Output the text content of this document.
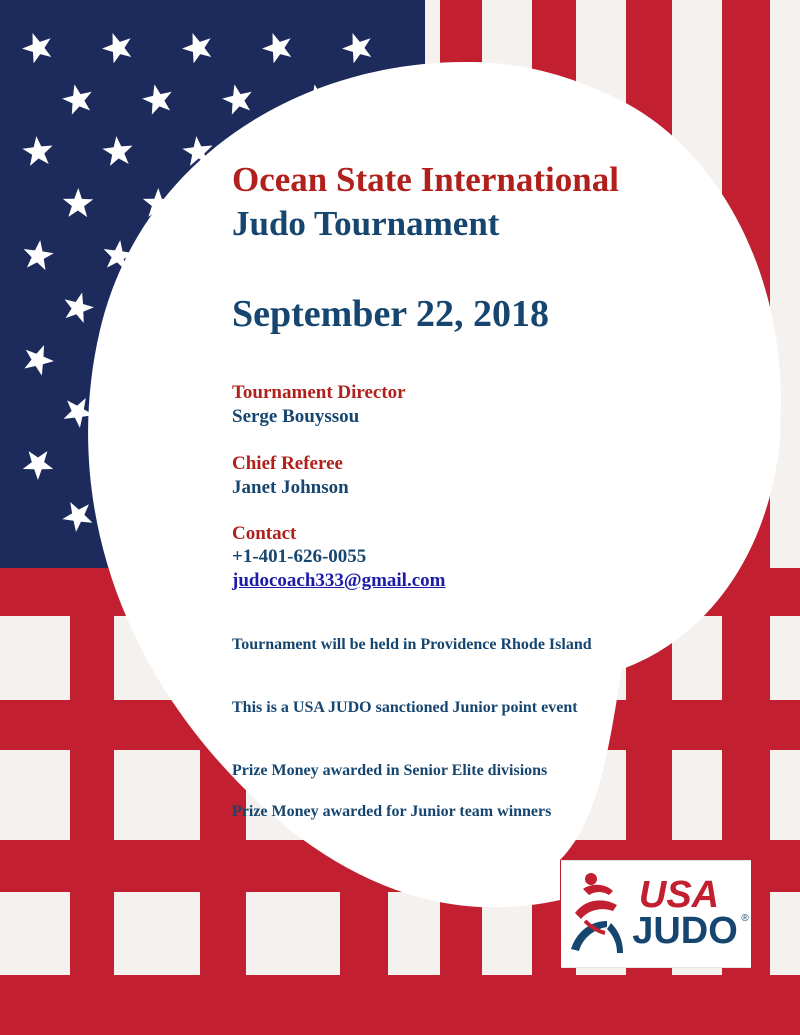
Ocean State International
Judo Tournament
September 22, 2018
Tournament Director
Serge Bouyssou
Chief Referee
Janet Johnson
Contact
+1-401-626-0055
judocoach333@gmail.com
Tournament will be held in Providence Rhode Island
This is a USA JUDO sanctioned Junior point event
Prize Money awarded in Senior Elite divisions
Prize Money awarded for Junior team winners
USA
JUDO ®
